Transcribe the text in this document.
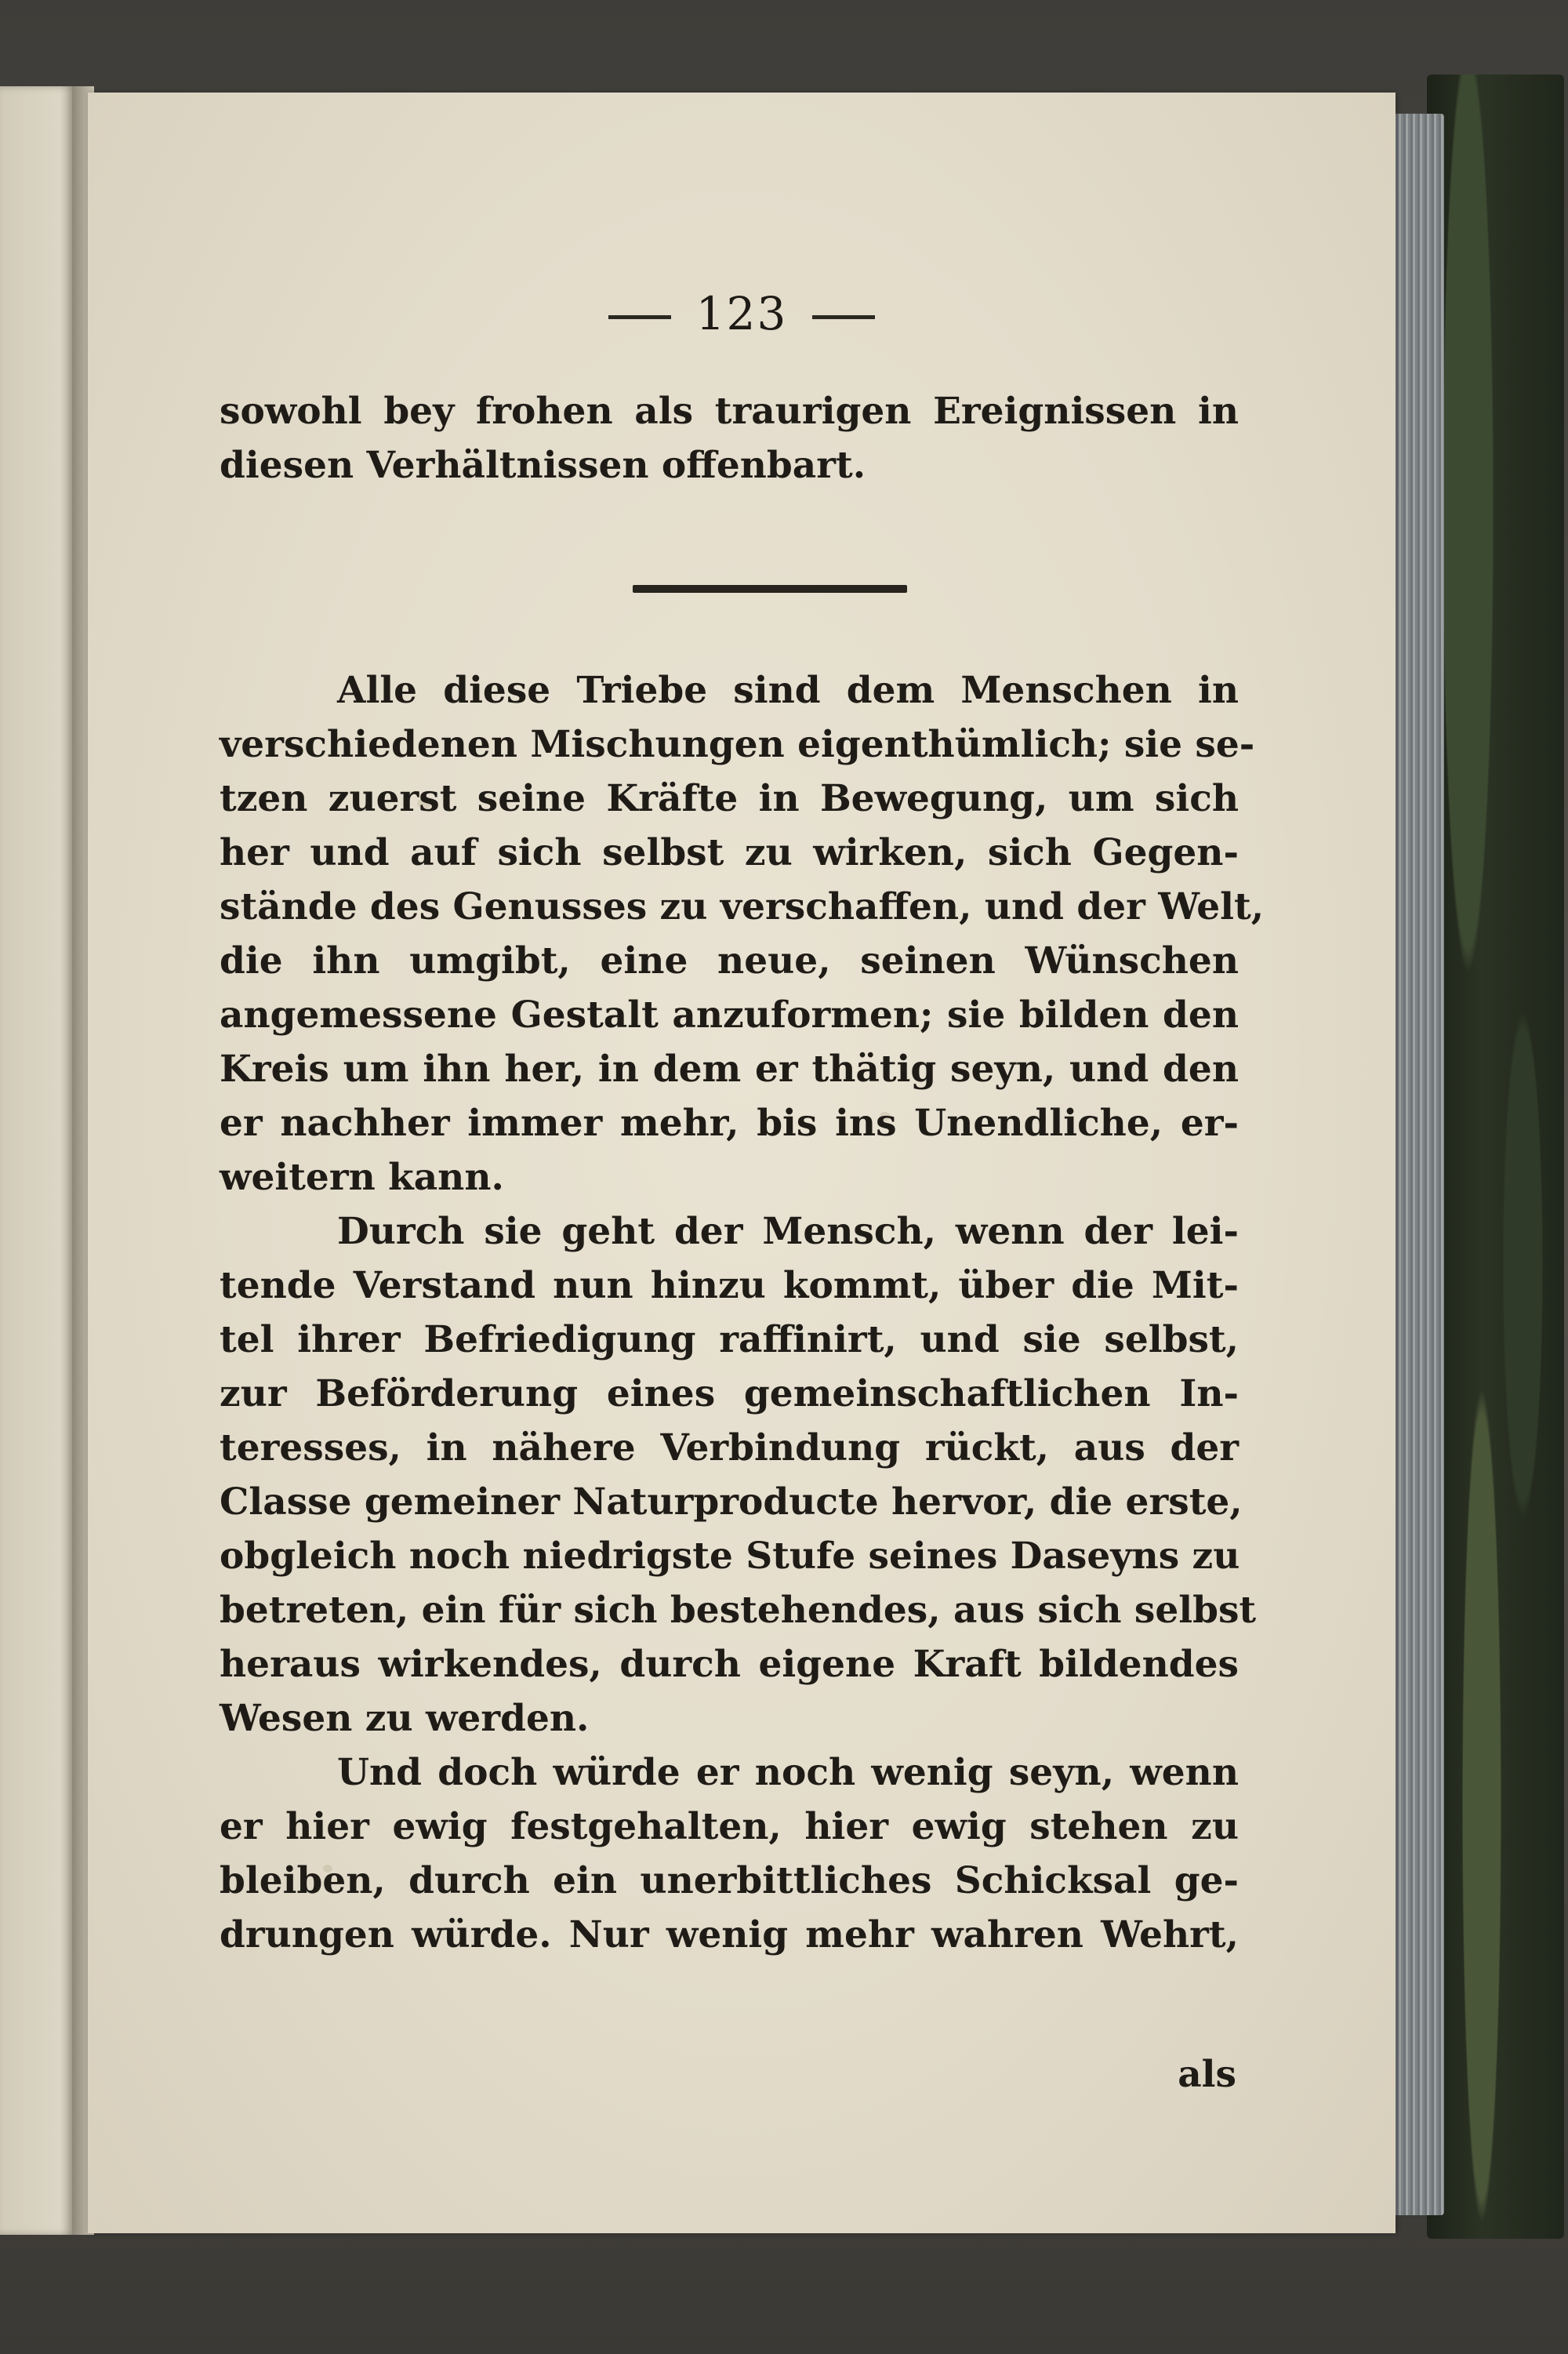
123
sowohl bey frohen als traurigen Ereignissen in
diesen Verhältnissen offenbart.
Alle diese Triebe sind dem Menschen in
verschiedenen Mischungen eigenthümlich; sie se-
tzen zuerst seine Kräfte in Bewegung, um sich
her und auf sich selbst zu wirken, sich Gegen-
stände des Genusses zu verschaffen, und der Welt,
die ihn umgibt, eine neue, seinen Wünschen
angemessene Gestalt anzuformen; sie bilden den
Kreis um ihn her, in dem er thätig seyn, und den
er nachher immer mehr, bis ins Unendliche, er-
weitern kann.
Durch sie geht der Mensch, wenn der lei-
tende Verstand nun hinzu kommt, über die Mit-
tel ihrer Befriedigung raffinirt, und sie selbst,
zur Beförderung eines gemeinschaftlichen In-
teresses, in nähere Verbindung rückt, aus der
Classe gemeiner Naturproducte hervor, die erste,
obgleich noch niedrigste Stufe seines Daseyns zu
betreten, ein für sich bestehendes, aus sich selbst
heraus wirkendes, durch eigene Kraft bildendes
Wesen zu werden.
Und doch würde er noch wenig seyn, wenn
er hier ewig festgehalten, hier ewig stehen zu
bleiben, durch ein unerbittliches Schicksal ge-
drungen würde. Nur wenig mehr wahren Wehrt,
als
